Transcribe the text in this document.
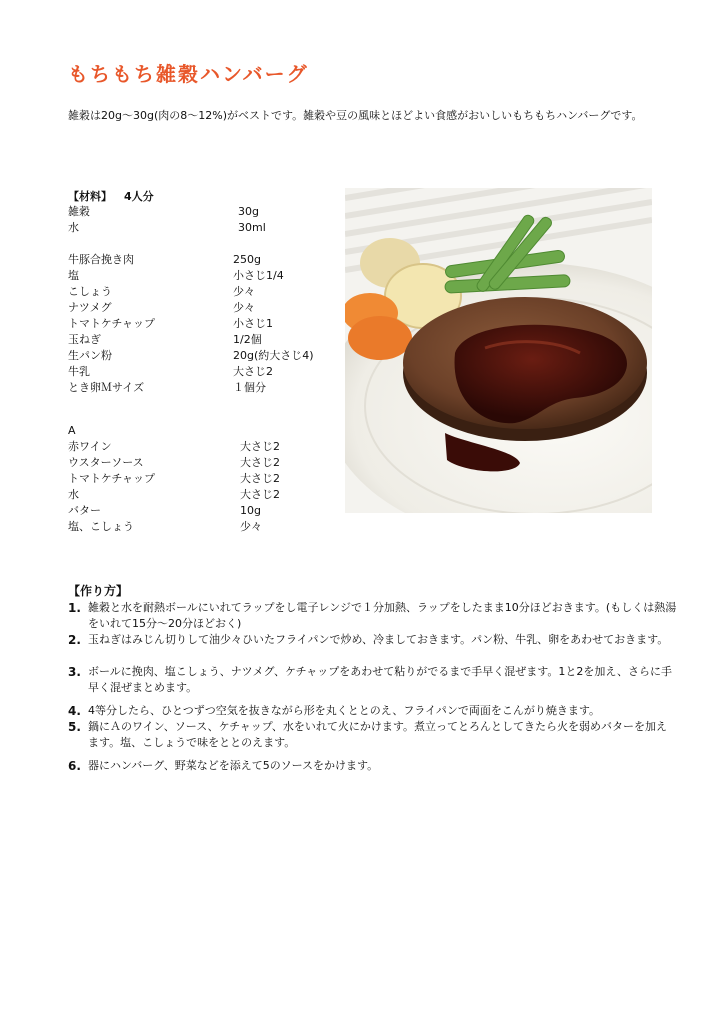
もちもち雑穀ハンバーグ
雑穀は20g～30g(肉の8～12%)がベストです。雑穀や豆の風味とほどよい食感がおいしいもちもちハンバーグです。
【材料】 4人分
雑穀	30g
水	30ml
牛豚合挽き肉	250g
塩	小さじ1/4
こしょう	少々
ナツメグ	少々
トマトケチャップ	小さじ1
玉ねぎ	1/2個
生パン粉	20g(約大さじ4)
牛乳	大さじ2
とき卵Ｍサイズ	１個分
A
赤ワイン	大さじ2
ウスターソース	大さじ2
トマトケチャップ	大さじ2
水	大さじ2
バター	10g
塩、こしょう	少々
【作り方】
1. 雑穀と水を耐熱ボールにいれてラップをし電子レンジで１分加熱、ラップをしたまま10分ほどおきます。(もしくは熱湯をいれて15分～20分ほどおく)
2. 玉ねぎはみじん切りして油少々ひいたフライパンで炒め、冷ましておきます。パン粉、牛乳、卵をあわせておきます。
3. ボールに挽肉、塩こしょう、ナツメグ、ケチャップをあわせて粘りがでるまで手早く混ぜます。1と2を加え、さらに手早く混ぜまとめます。
4. 4等分したら、ひとつずつ空気を抜きながら形を丸くととのえ、フライパンで両面をこんがり焼きます。
5. 鍋にＡのワイン、ソース、ケチャップ、水をいれて火にかけます。煮立ってとろんとしてきたら火を弱めバターを加えます。塩、こしょうで味をととのえます。
6. 器にハンバーグ、野菜などを添えて5のソースをかけます。
